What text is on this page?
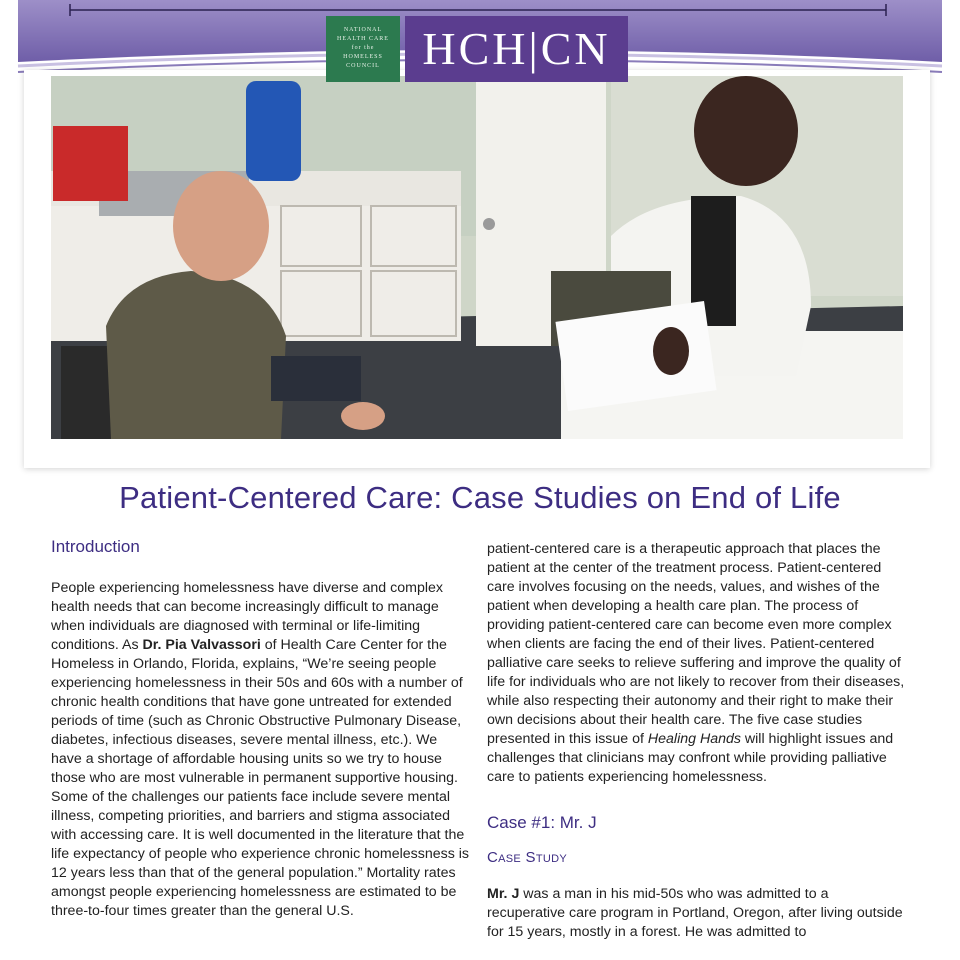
NATIONAL
HEALTH CARE
for the
HOMELESS
COUNCIL HCH|CN
Patient-Centered Care: Case Studies on End of Life
Introduction

People experiencing homelessness have diverse and complex health needs that can become increasingly difficult to manage when individuals are diagnosed with terminal or life-limiting conditions. As Dr. Pia Valvassori of Health Care Center for the Homeless in Orlando, Florida, explains, “We’re seeing people experiencing homelessness in their 50s and 60s with a number of chronic health conditions that have gone untreated for extended periods of time (such as Chronic Obstructive Pulmonary Disease, diabetes, infectious diseases, severe mental illness, etc.). We have a shortage of affordable housing units so we try to house those who are most vulnerable in permanent supportive housing. Some of the challenges our patients face include severe mental illness, competing priorities, and barriers and stigma associated with accessing care. It is well documented in the literature that the life expectancy of people who experience chronic homelessness is 12 years less than that of the general population.” Mortality rates amongst people experiencing homelessness are estimated to be three-to-four times greater than the general U.S.

patient-centered care is a therapeutic approach that places the patient at the center of the treatment process. Patient-centered care involves focusing on the needs, values, and wishes of the patient when developing a health care plan. The process of providing patient-centered care can become even more complex when clients are facing the end of their lives. Patient-centered palliative care seeks to relieve suffering and improve the quality of life for individuals who are not likely to recover from their diseases, while also respecting their autonomy and their right to make their own decisions about their health care. The five case studies presented in this issue of Healing Hands will highlight issues and challenges that clinicians may confront while providing palliative care to patients experiencing homelessness.

Case #1: Mr. J
Case Study

Mr. J was a man in his mid-50s who was admitted to a recuperative care program in Portland, Oregon, after living outside for 15 years, mostly in a forest. He was admitted to
